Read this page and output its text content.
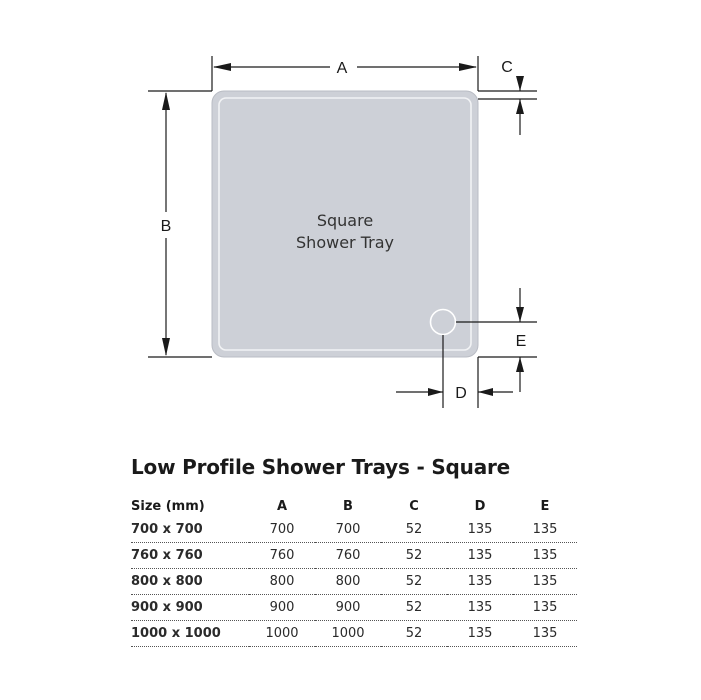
Square
Shower Tray
A
B
C
D
E
Low Profile Shower Trays - Square
Size (mm)	A	B	C	D	E
700 x 700	700	700	52	135	135
760 x 760	760	760	52	135	135
800 x 800	800	800	52	135	135
900 x 900	900	900	52	135	135
1000 x 1000	1000	1000	52	135	135
